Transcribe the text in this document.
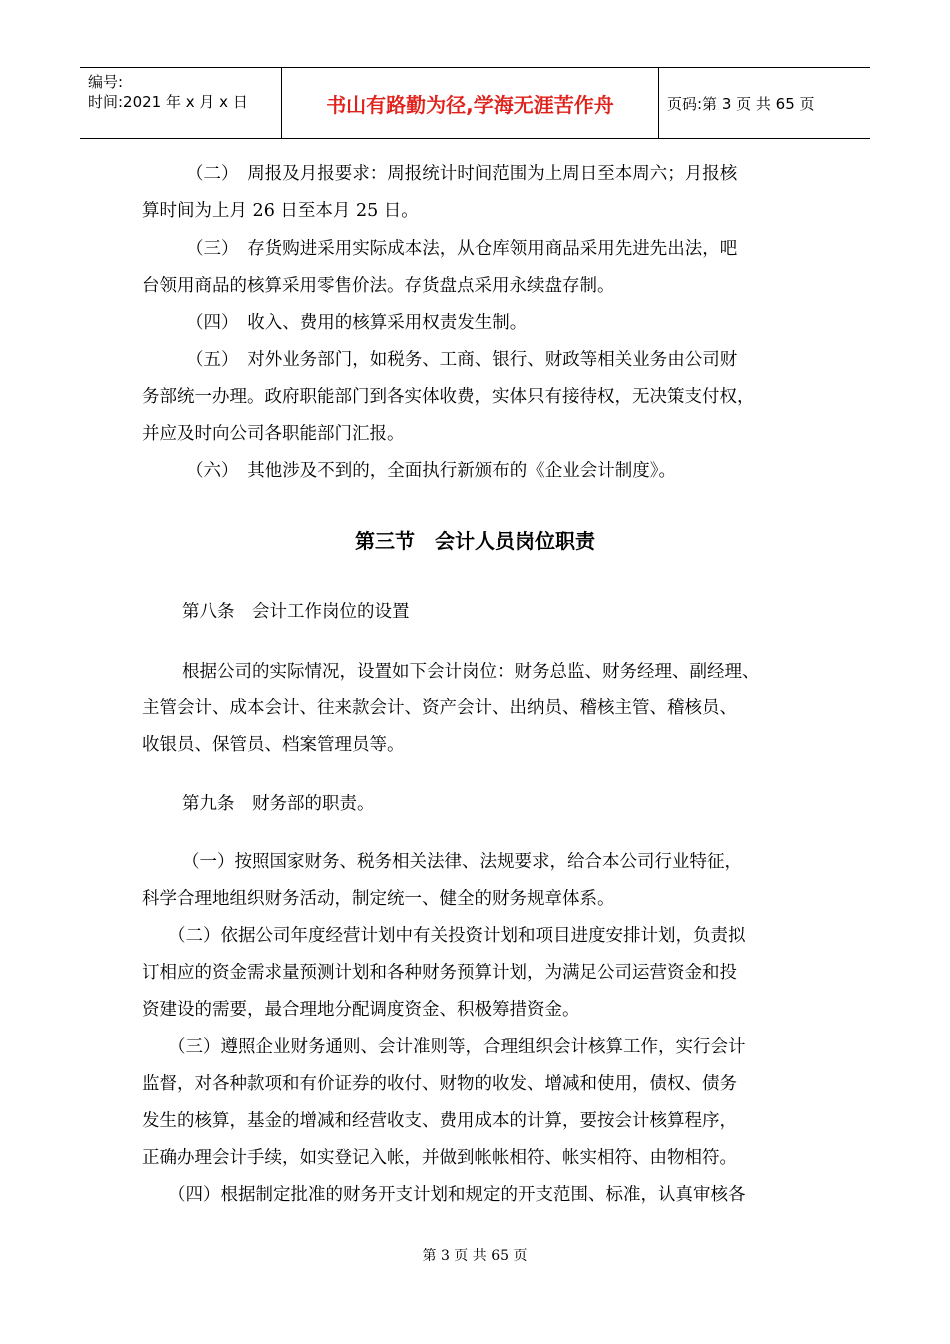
编号:
时间:2021 年 x 月 x 日	书山有路勤为径,学海无涯苦作舟	页码:第 3 页 共 65 页
（二）　周报及月报要求：周报统计时间范围为上周日至本周六；月报核
算时间为上月 26 日至本月 25 日。
（三）　存货购进采用实际成本法，从仓库领用商品采用先进先出法，吧
台领用商品的核算采用零售价法。存货盘点采用永续盘存制。
（四）　收入、费用的核算采用权责发生制。
（五）　对外业务部门，如税务、工商、银行、财政等相关业务由公司财
务部统一办理。政府职能部门到各实体收费，实体只有接待权，无决策支付权，
并应及时向公司各职能部门汇报。
（六）　其他涉及不到的，全面执行新颁布的《企业会计制度》。
第三节　会计人员岗位职责
第八条　会计工作岗位的设置
根据公司的实际情况，设置如下会计岗位：财务总监、财务经理、副经理、
主管会计、成本会计、往来款会计、资产会计、出纳员、稽核主管、稽核员、
收银员、保管员、档案管理员等。
第九条　财务部的职责。
（一）按照国家财务、税务相关法律、法规要求，给合本公司行业特征，
科学合理地组织财务活动，制定统一、健全的财务规章体系。
（二）依据公司年度经营计划中有关投资计划和项目进度安排计划，负责拟
订相应的资金需求量预测计划和各种财务预算计划，为满足公司运营资金和投
资建设的需要，最合理地分配调度资金、积极筹措资金。
（三）遵照企业财务通则、会计准则等，合理组织会计核算工作，实行会计
监督，对各种款项和有价证券的收付、财物的收发、增减和使用，债权、债务
发生的核算，基金的增减和经营收支、费用成本的计算，要按会计核算程序，
正确办理会计手续，如实登记入帐，并做到帐帐相符、帐实相符、由物相符。
（四）根据制定批准的财务开支计划和规定的开支范围、标准，认真审核各
第 3 页 共 65 页
